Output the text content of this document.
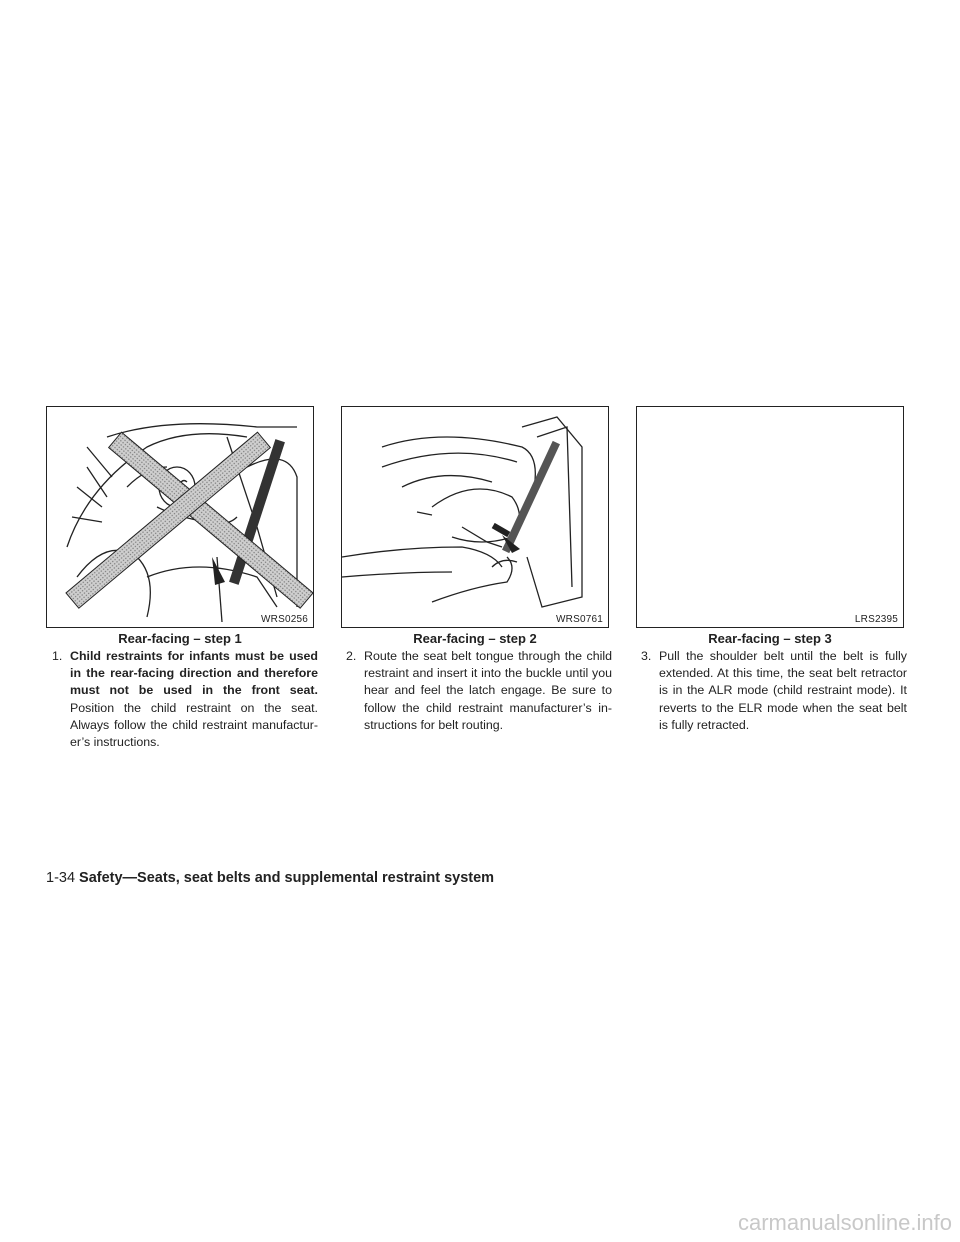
WRS0256	WRS0761	LRS2395
Rear-facing – step 1	Rear-facing – step 2	Rear-facing – step 3
1. Child restraints for infants must be used in the rear-facing direction and therefore must not be used in the front seat. Position the child restraint on the seat. Always follow the child restraint manufactur-er’s instructions.
2. Route the seat belt tongue through the child restraint and insert it into the buckle until you hear and feel the latch engage. Be sure to follow the child restraint manufacturer’s in-structions for belt routing.
3. Pull the shoulder belt until the belt is fully extended. At this time, the seat belt retractor is in the ALR mode (child restraint mode). It reverts to the ELR mode when the seat belt is fully retracted.
1-34 Safety—Seats, seat belts and supplemental restraint system
carmanualsonline.info
